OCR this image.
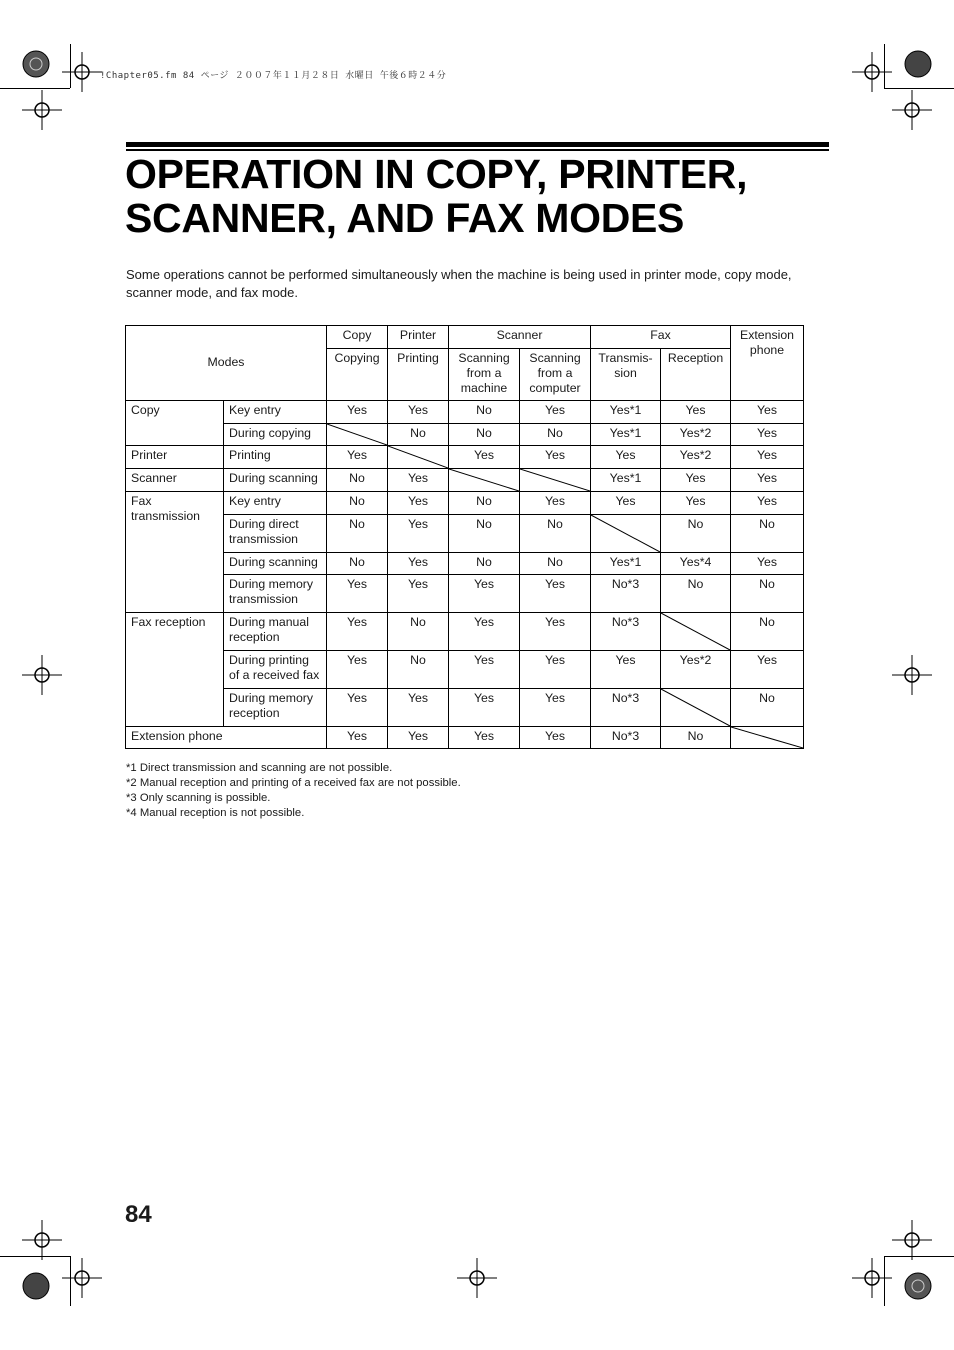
!Chapter05.fm 84 ページ ２００７年１１月２８日 水曜日 午後６時２４分
OPERATION IN COPY, PRINTER,
SCANNER, AND FAX MODES

Some operations cannot be performed simultaneously when the machine is being used in printer mode, copy mode, scanner mode, and fax mode.

Modes		Copy	Printer	Scanner		Fax		Extension phone
		Copying	Printing	Scanning from a machine	Scanning from a computer	Transmis-sion	Reception	
Copy	Key entry	Yes	Yes	No	Yes	Yes*1	Yes	Yes
	During copying		No	No	No	Yes*1	Yes*2	Yes
Printer	Printing	Yes		Yes	Yes	Yes	Yes*2	Yes
Scanner	During scanning	No	Yes			Yes*1	Yes	Yes
Fax transmission	Key entry	No	Yes	No	Yes	Yes	Yes	Yes
	During direct transmission	No	Yes	No	No		No	No
	During scanning	No	Yes	No	No	Yes*1	Yes*4	Yes
	During memory transmission	Yes	Yes	Yes	Yes	No*3	No	No
Fax reception	During manual reception	Yes	No	Yes	Yes	No*3		No
	During printing of a received fax	Yes	No	Yes	Yes	Yes	Yes*2	Yes
	During memory reception	Yes	Yes	Yes	Yes	No*3		No
Extension phone		Yes	Yes	Yes	Yes	No*3	No	
*1 Direct transmission and scanning are not possible.
*2 Manual reception and printing of a received fax are not possible.
*3 Only scanning is possible.
*4 Manual reception is not possible.
84
